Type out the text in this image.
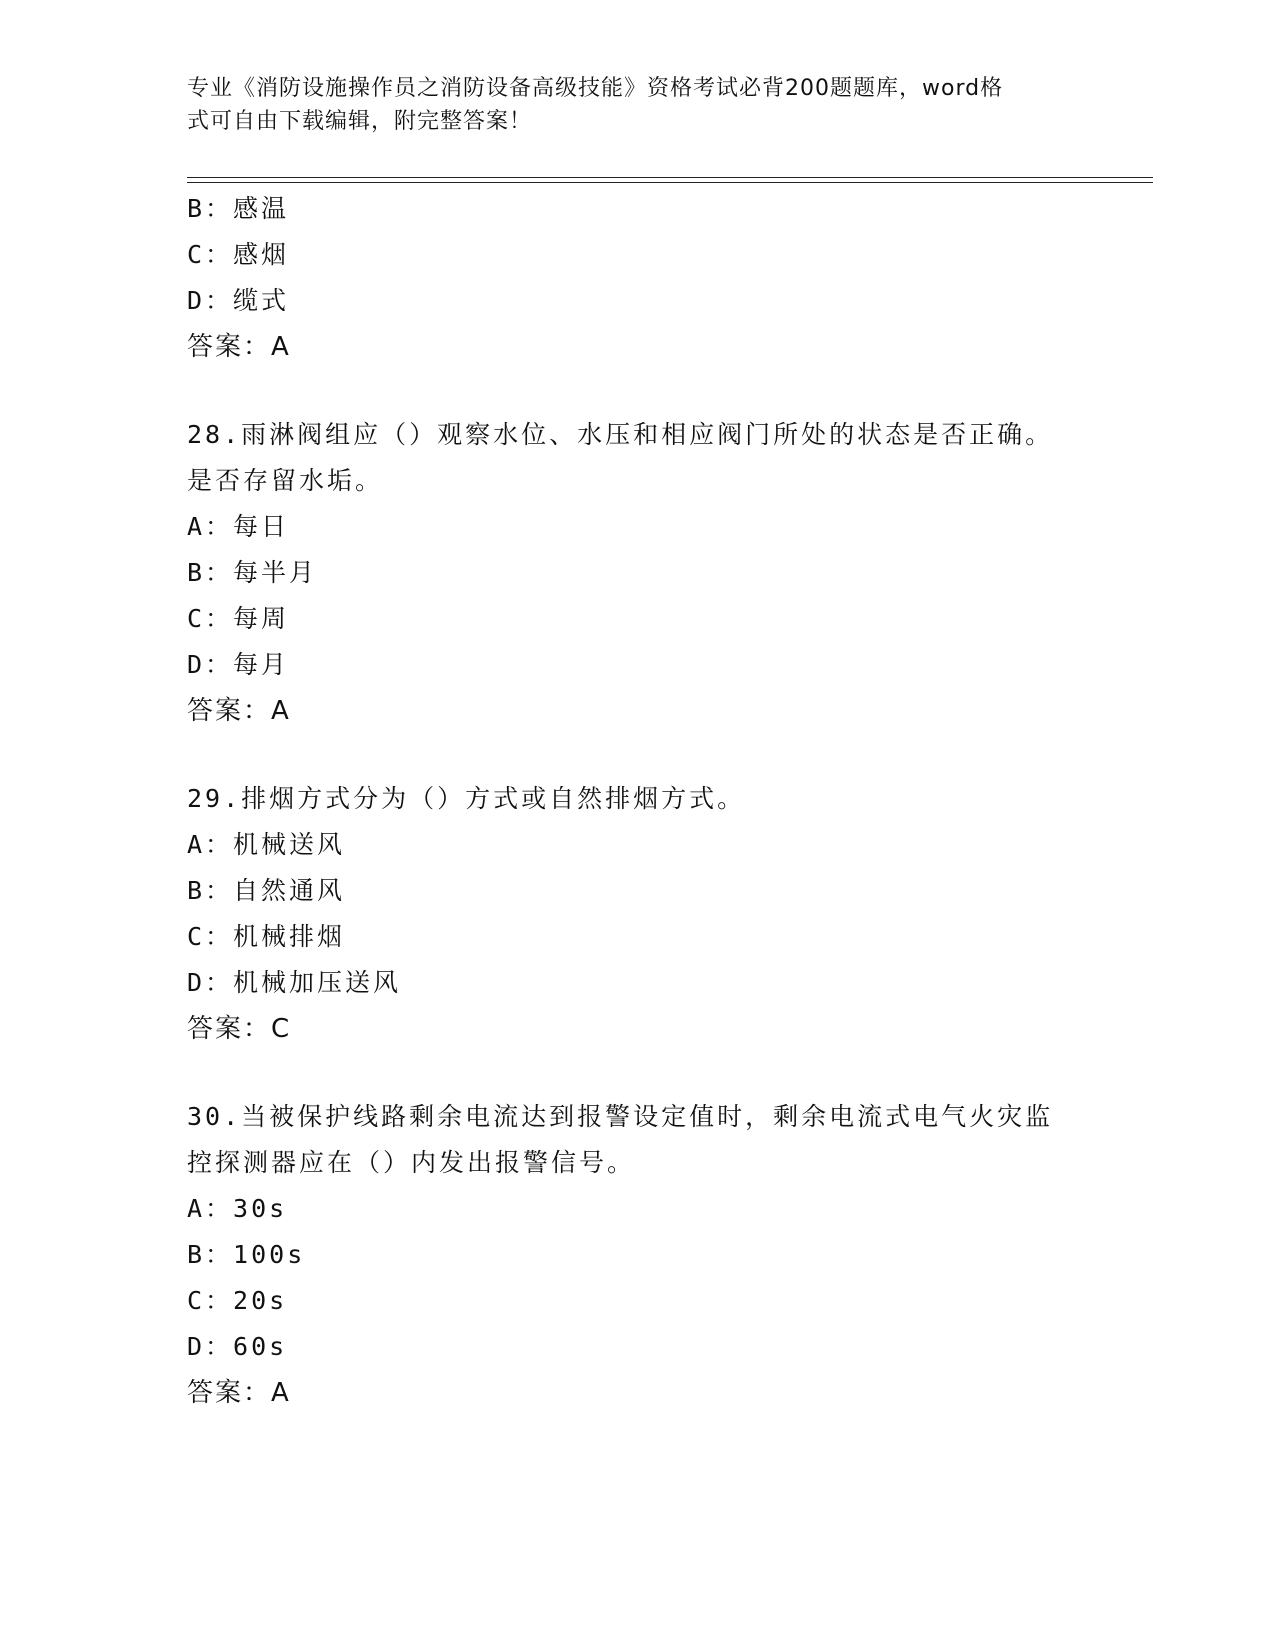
专业《消防设施操作员之消防设备高级技能》资格考试必背200题题库，word格
式可自由下载编辑，附完整答案！
B：感温
C：感烟
D：缆式
答案：A
28.雨淋阀组应（）观察水位、水压和相应阀门所处的状态是否正确。
是否存留水垢。
A：每日
B：每半月
C：每周
D：每月
答案：A
29.排烟方式分为（）方式或自然排烟方式。
A：机械送风
B：自然通风
C：机械排烟
D：机械加压送风
答案：C
30.当被保护线路剩余电流达到报警设定值时，剩余电流式电气火灾监
控探测器应在（）内发出报警信号。
A：30s
B：100s
C：20s
D：60s
答案：A
